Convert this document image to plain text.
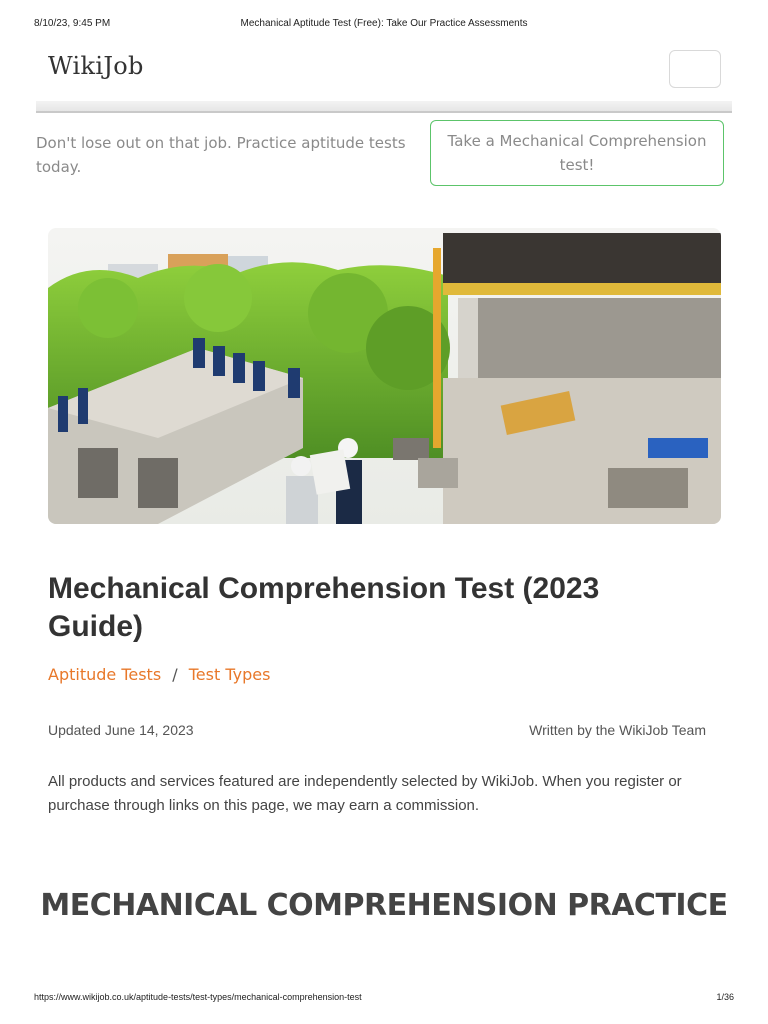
8/10/23, 9:45 PM	Mechanical Aptitude Test (Free): Take Our Practice Assessments
WikiJob
Don't lose out on that job. Practice aptitude tests today.
Take a Mechanical Comprehension test!
Mechanical Comprehension Test (2023 Guide)
Aptitude Tests / Test Types
Updated June 14, 2023	Written by the WikiJob Team

All products and services featured are independently selected by WikiJob. When you register or purchase through links on this page, we may earn a commission.

MECHANICAL COMPREHENSION PRACTICE
https://www.wikijob.co.uk/aptitude-tests/test-types/mechanical-comprehension-test	1/36
